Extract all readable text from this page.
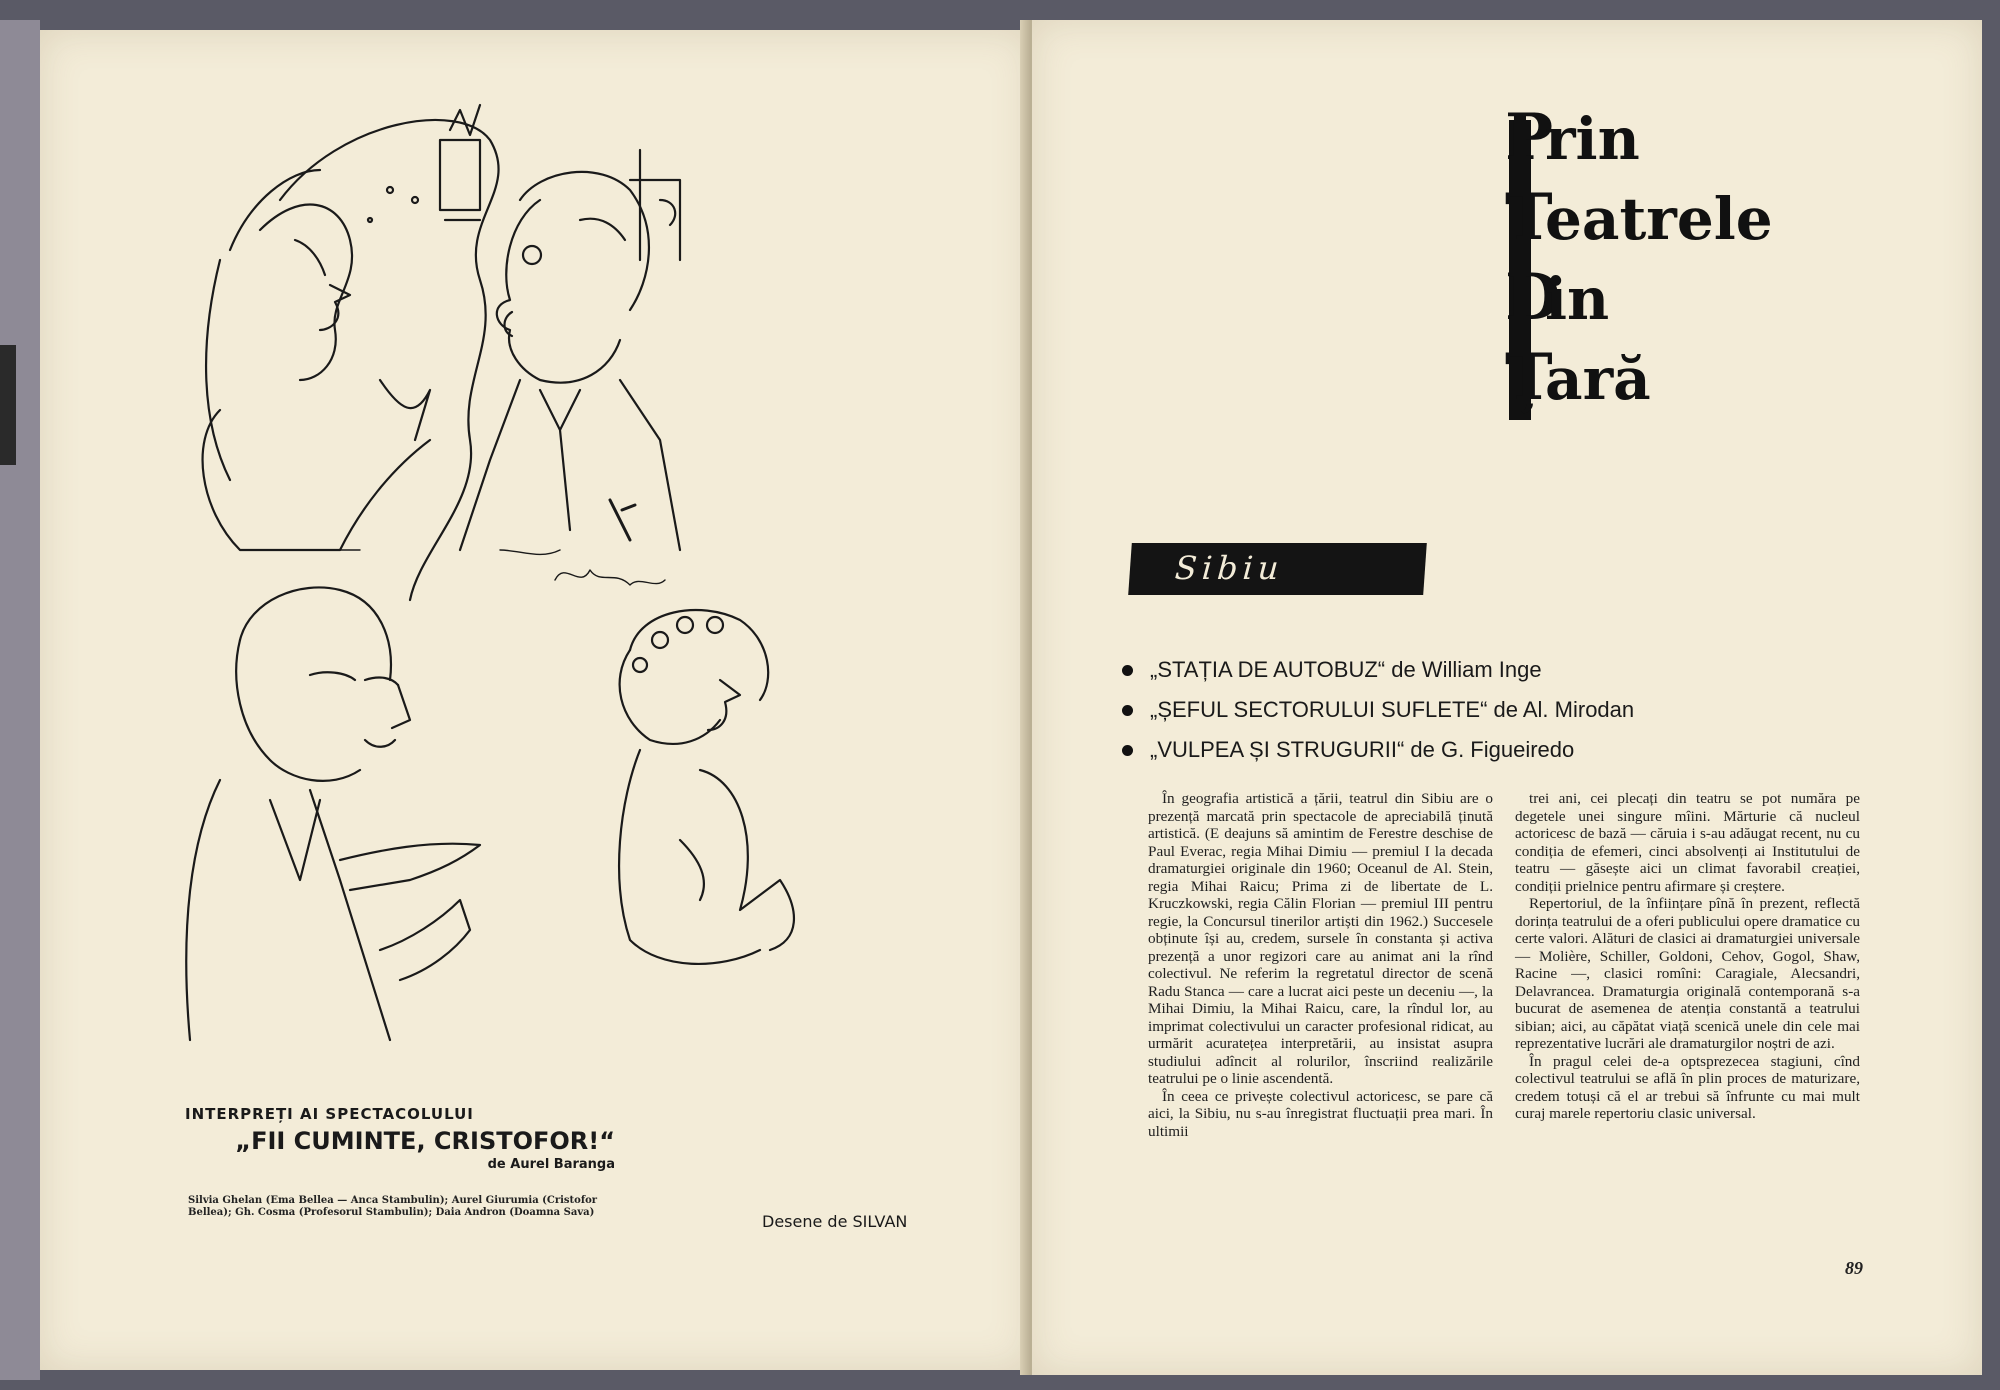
INTERPREȚI AI SPECTACOLULUI
„FII CUMINTE, CRISTOFOR!“
de Aurel Baranga
Silvia Ghelan (Ema Bellea — Anca Stambulin); Aurel Giurumia (Cristofor Bellea); Gh. Cosma (Profesorul Stambulin); Daia Andron (Doamna Sava)	Desene de SILVAN
Prin
Teatrele
Din
Țară
Sibiu
„STAȚIA DE AUTOBUZ“ de William Inge
„ȘEFUL SECTORULUI SUFLETE“ de Al. Mirodan
„VULPEA ȘI STRUGURII“ de G. Figueiredo

În geografia artistică a țării, teatrul din Sibiu are o prezență marcată prin spectacole de apreciabilă ținută artistică. (E deajuns să amintim de Ferestre deschise de Paul Everac, regia Mihai Dimiu — premiul I la decada dramaturgiei originale din 1960; Oceanul de Al. Stein, regia Mihai Raicu; Prima zi de libertate de L. Kruczkowski, regia Călin Florian — premiul III pentru regie, la Concursul tinerilor artiști din 1962.) Succesele obținute își au, credem, sursele în constanta și activa prezență a unor regizori care au animat ani la rînd colectivul. Ne referim la regretatul director de scenă Radu Stanca — care a lucrat aici peste un deceniu —, la Mihai Dimiu, la Mihai Raicu, care, la rîndul lor, au imprimat colectivului un caracter profesional ridicat, au urmărit acuratețea interpretării, au insistat asupra studiului adîncit al rolurilor, înscriind realizările teatrului pe o linie ascendentă.

În ceea ce privește colectivul actoricesc, se pare că aici, la Sibiu, nu s-au înregistrat fluctuații prea mari. În ultimii

trei ani, cei plecați din teatru se pot număra pe degetele unei singure mîini. Mărturie că nucleul actoricesc de bază — căruia i s-au adăugat recent, nu cu condiția de efemeri, cinci absolvenți ai Institutului de teatru — găsește aici un climat favorabil creației, condiții prielnice pentru afirmare și creștere.

Repertoriul, de la înființare pînă în prezent, reflectă dorința teatrului de a oferi publicului opere dramatice cu certe valori. Alături de clasici ai dramaturgiei universale — Molière, Schiller, Goldoni, Cehov, Gogol, Shaw, Racine —, clasici romîni: Caragiale, Alecsandri, Delavrancea. Dramaturgia originală contemporană s-a bucurat de asemenea de atenția constantă a teatrului sibian; aici, au căpătat viață scenică unele din cele mai reprezentative lucrări ale dramaturgilor noștri de azi.

În pragul celei de-a optsprezecea stagiuni, cînd colectivul teatrului se află în plin proces de maturizare, credem totuși că el ar trebui să înfrunte cu mai mult curaj marele repertoriu clasic universal.

89
